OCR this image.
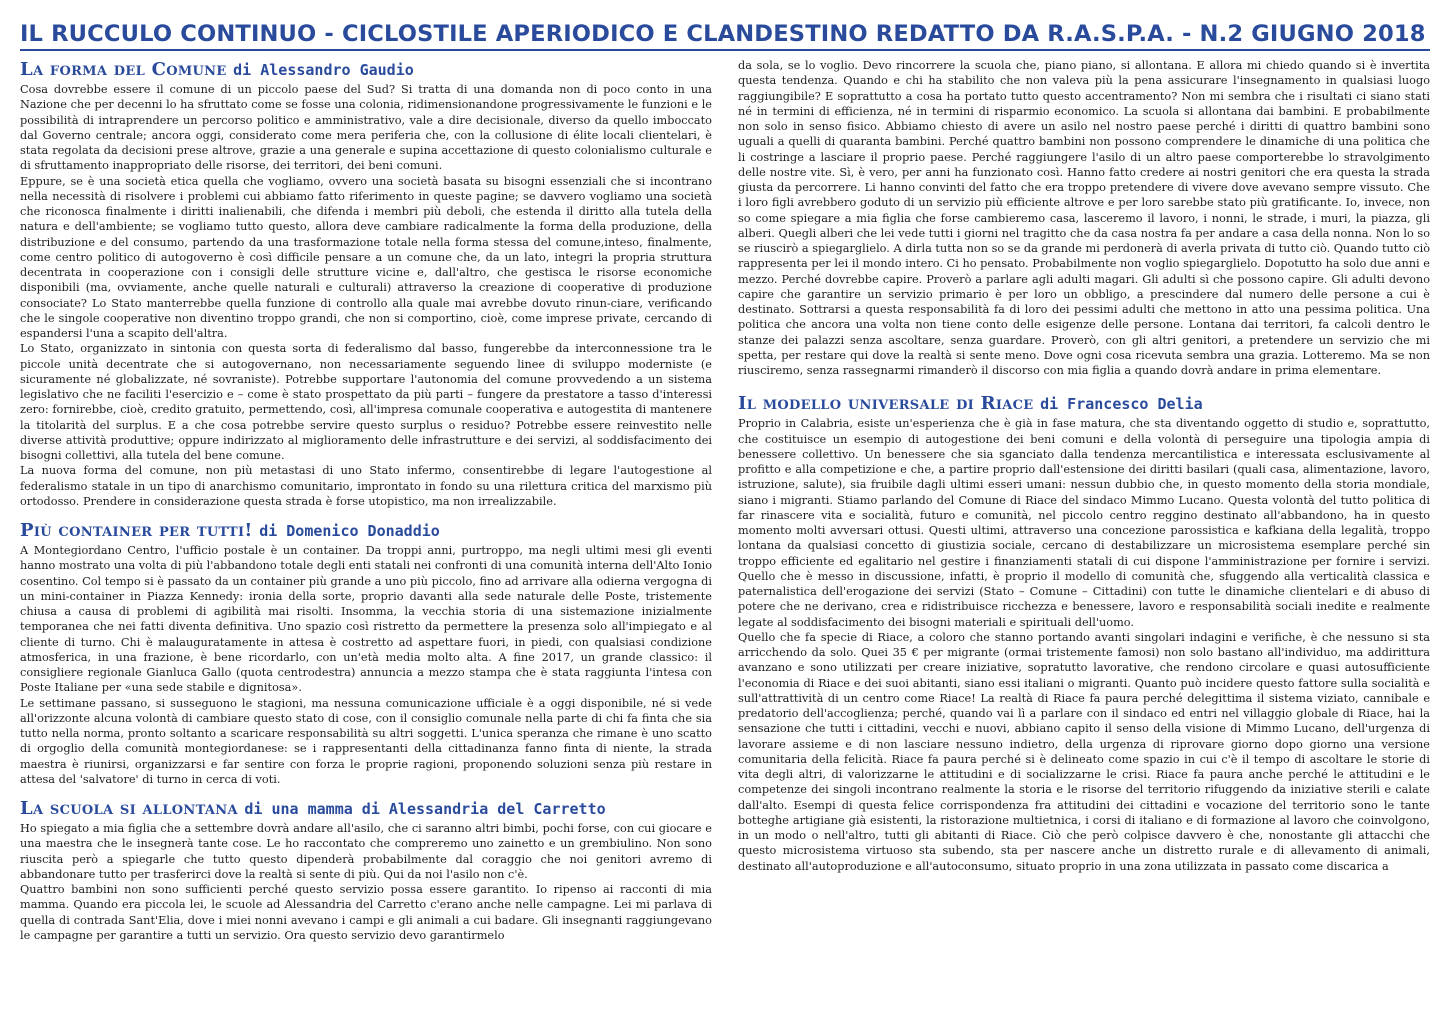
IL RUCCULO CONTINUO - CICLOSTILE APERIODICO E CLANDESTINO REDATTO DA R.A.S.P.A. - N.2 GIUGNO 2018
La forma del Comune di Alessandro Gaudio

Cosa dovrebbe essere il comune di un piccolo paese del Sud? Si tratta di una domanda non di poco conto in una Nazione che per decenni lo ha sfruttato come se fosse una colonia, ridimensionandone progressivamente le funzioni e le possibilità di intraprendere un percorso politico e amministrativo, vale a dire decisionale, diverso da quello imboccato dal Governo centrale; ancora oggi, considerato come mera periferia che, con la collusione di élite locali clientelari, è stata regolata da decisioni prese altrove, grazie a una generale e supina accettazione di questo colonialismo culturale e di sfruttamento inappropriato delle risorse, dei territori, dei beni comuni.

Eppure, se è una società etica quella che vogliamo, ovvero una società basata su bisogni essenziali che si incontrano nella necessità di risolvere i problemi cui abbiamo fatto riferimento in queste pagine; se davvero vogliamo una società che riconosca finalmente i diritti inalienabili, che difenda i membri più deboli, che estenda il diritto alla tutela della natura e dell'ambiente; se vogliamo tutto questo, allora deve cambiare radicalmente la forma della produzione, della distribuzione e del consumo, partendo da una trasformazione totale nella forma stessa del comune,inteso, finalmente, come centro politico di autogoverno è così difficile pensare a un comune che, da un lato, integri la propria struttura decentrata in cooperazione con i consigli delle strutture vicine e, dall'altro, che gestisca le risorse economiche disponibili (ma, ovviamente, anche quelle naturali e culturali) attraverso la creazione di cooperative di produzione consociate? Lo Stato manterrebbe quella funzione di controllo alla quale mai avrebbe dovuto rinun-ciare, verificando che le singole cooperative non diventino troppo grandi, che non si comportino, cioè, come imprese private, cercando di espandersi l'una a scapito dell'altra.

Lo Stato, organizzato in sintonia con questa sorta di federalismo dal basso, fungerebbe da interconnessione tra le piccole unità decentrate che si autogovernano, non necessariamente seguendo linee di sviluppo moderniste (e sicuramente né globalizzate, né sovraniste). Potrebbe supportare l'autonomia del comune provvedendo a un sistema legislativo che ne faciliti l'esercizio e – come è stato prospettato da più parti – fungere da prestatore a tasso d'interessi zero: fornirebbe, cioè, credito gratuito, permettendo, così, all'impresa comunale cooperativa e autogestita di mantenere la titolarità del surplus. E a che cosa potrebbe servire questo surplus o residuo? Potrebbe essere reinvestito nelle diverse attività produttive; oppure indirizzato al miglioramento delle infrastrutture e dei servizi, al soddisfacimento dei bisogni collettivi, alla tutela del bene comune.

La nuova forma del comune, non più metastasi di uno Stato infermo, consentirebbe di legare l'autogestione al federalismo statale in un tipo di anarchismo comunitario, improntato in fondo su una rilettura critica del marxismo più ortodosso. Prendere in considerazione questa strada è forse utopistico, ma non irrealizzabile.

Più container per tutti! di Domenico Donaddio

A Montegiordano Centro, l'ufficio postale è un container. Da troppi anni, purtroppo, ma negli ultimi mesi gli eventi hanno mostrato una volta di più l'abbandono totale degli enti statali nei confronti di una comunità interna dell'Alto Ionio cosentino. Col tempo si è passato da un container più grande a uno più piccolo, fino ad arrivare alla odierna vergogna di un mini-container in Piazza Kennedy: ironia della sorte, proprio davanti alla sede naturale delle Poste, tristemente chiusa a causa di problemi di agibilità mai risolti. Insomma, la vecchia storia di una sistemazione inizialmente temporanea che nei fatti diventa definitiva. Uno spazio così ristretto da permettere la presenza solo all'impiegato e al cliente di turno. Chi è malauguratamente in attesa è costretto ad aspettare fuori, in piedi, con qualsiasi condizione atmosferica, in una frazione, è bene ricordarlo, con un'età media molto alta. A fine 2017, un grande classico: il consigliere regionale Gianluca Gallo (quota centrodestra) annuncia a mezzo stampa che è stata raggiunta l'intesa con Poste Italiane per «una sede stabile e dignitosa».

Le settimane passano, si susseguono le stagioni, ma nessuna comunicazione ufficiale è a oggi disponibile, né si vede all'orizzonte alcuna volontà di cambiare questo stato di cose, con il consiglio comunale nella parte di chi fa finta che sia tutto nella norma, pronto soltanto a scaricare responsabilità su altri soggetti. L'unica speranza che rimane è uno scatto di orgoglio della comunità montegiordanese: se i rappresentanti della cittadinanza fanno finta di niente, la strada maestra è riunirsi, organizzarsi e far sentire con forza le proprie ragioni, proponendo soluzioni senza più restare in attesa del 'salvatore' di turno in cerca di voti.

La scuola si allontana di una mamma di Alessandria del Carretto

Ho spiegato a mia figlia che a settembre dovrà andare all'asilo, che ci saranno altri bimbi, pochi forse, con cui giocare e una maestra che le insegnerà tante cose. Le ho raccontato che compreremo uno zainetto e un grembiulino. Non sono riuscita però a spiegarle che tutto questo dipenderà probabilmente dal coraggio che noi genitori avremo di abbandonare tutto per trasferirci dove la realtà si sente di più. Qui da noi l'asilo non c'è.

Quattro bambini non sono sufficienti perché questo servizio possa essere garantito. Io ripenso ai racconti di mia mamma. Quando era piccola lei, le scuole ad Alessandria del Carretto c'erano anche nelle campagne. Lei mi parlava di quella di contrada Sant'Elia, dove i miei nonni avevano i campi e gli animali a cui badare. Gli insegnanti raggiungevano le campagne per garantire a tutti un servizio. Ora questo servizio devo garantirmelo

da sola, se lo voglio. Devo rincorrere la scuola che, piano piano, si allontana. E allora mi chiedo quando si è invertita questa tendenza. Quando e chi ha stabilito che non valeva più la pena assicurare l'insegnamento in qualsiasi luogo raggiungibile? E soprattutto a cosa ha portato tutto questo accentramento? Non mi sembra che i risultati ci siano stati né in termini di efficienza, né in termini di risparmio economico. La scuola si allontana dai bambini. E probabilmente non solo in senso fisico. Abbiamo chiesto di avere un asilo nel nostro paese perché i diritti di quattro bambini sono uguali a quelli di quaranta bambini. Perché quattro bambini non possono comprendere le dinamiche di una politica che li costringe a lasciare il proprio paese. Perché raggiungere l'asilo di un altro paese comporterebbe lo stravolgimento delle nostre vite. Sì, è vero, per anni ha funzionato così. Hanno fatto credere ai nostri genitori che era questa la strada giusta da percorrere. Li hanno convinti del fatto che era troppo pretendere di vivere dove avevano sempre vissuto. Che i loro figli avrebbero goduto di un servizio più efficiente altrove e per loro sarebbe stato più gratificante. Io, invece, non so come spiegare a mia figlia che forse cambieremo casa, lasceremo il lavoro, i nonni, le strade, i muri, la piazza, gli alberi. Quegli alberi che lei vede tutti i giorni nel tragitto che da casa nostra fa per andare a casa della nonna. Non lo so se riuscirò a spiegarglielo. A dirla tutta non so se da grande mi perdonerà di averla privata di tutto ciò. Quando tutto ciò rappresenta per lei il mondo intero. Ci ho pensato. Probabilmente non voglio spiegarglielo. Dopotutto ha solo due anni e mezzo. Perché dovrebbe capire. Proverò a parlare agli adulti magari. Gli adulti sì che possono capire. Gli adulti devono capire che garantire un servizio primario è per loro un obbligo, a prescindere dal numero delle persone a cui è destinato. Sottrarsi a questa responsabilità fa di loro dei pessimi adulti che mettono in atto una pessima politica. Una politica che ancora una volta non tiene conto delle esigenze delle persone. Lontana dai territori, fa calcoli dentro le stanze dei palazzi senza ascoltare, senza guardare. Proverò, con gli altri genitori, a pretendere un servizio che mi spetta, per restare qui dove la realtà si sente meno. Dove ogni cosa ricevuta sembra una grazia. Lotteremo. Ma se non riusciremo, senza rassegnarmi rimanderò il discorso con mia figlia a quando dovrà andare in prima elementare.

Il modello universale di Riace di Francesco Delia

Proprio in Calabria, esiste un'esperienza che è già in fase matura, che sta diventando oggetto di studio e, soprattutto, che costituisce un esempio di autogestione dei beni comuni e della volontà di perseguire una tipologia ampia di benessere collettivo. Un benessere che sia sganciato dalla tendenza mercantilistica e interessata esclusivamente al profitto e alla competizione e che, a partire proprio dall'estensione dei diritti basilari (quali casa, alimentazione, lavoro, istruzione, salute), sia fruibile dagli ultimi esseri umani: nessun dubbio che, in questo momento della storia mondiale, siano i migranti. Stiamo parlando del Comune di Riace del sindaco Mimmo Lucano. Questa volontà del tutto politica di far rinascere vita e socialità, futuro e comunità, nel piccolo centro reggino destinato all'abbandono, ha in questo momento molti avversari ottusi. Questi ultimi, attraverso una concezione parossistica e kafkiana della legalità, troppo lontana da qualsiasi concetto di giustizia sociale, cercano di destabilizzare un microsistema esemplare perché sin troppo efficiente ed egalitario nel gestire i finanziamenti statali di cui dispone l'amministrazione per fornire i servizi. Quello che è messo in discussione, infatti, è proprio il modello di comunità che, sfuggendo alla verticalità classica e paternalistica dell'erogazione dei servizi (Stato – Comune – Cittadini) con tutte le dinamiche clientelari e di abuso di potere che ne derivano, crea e ridistribuisce ricchezza e benessere, lavoro e responsabilità sociali inedite e realmente legate al soddisfacimento dei bisogni materiali e spirituali dell'uomo.

Quello che fa specie di Riace, a coloro che stanno portando avanti singolari indagini e verifiche, è che nessuno si sta arricchendo da solo. Quei 35 € per migrante (ormai tristemente famosi) non solo bastano all'individuo, ma addirittura avanzano e sono utilizzati per creare iniziative, sopratutto lavorative, che rendono circolare e quasi autosufficiente l'economia di Riace e dei suoi abitanti, siano essi italiani o migranti. Quanto può incidere questo fattore sulla socialità e sull'attrattività di un centro come Riace! La realtà di Riace fa paura perché delegittima il sistema viziato, cannibale e predatorio dell'accoglienza; perché, quando vai lì a parlare con il sindaco ed entri nel villaggio globale di Riace, hai la sensazione che tutti i cittadini, vecchi e nuovi, abbiano capito il senso della visione di Mimmo Lucano, dell'urgenza di lavorare assieme e di non lasciare nessuno indietro, della urgenza di riprovare giorno dopo giorno una versione comunitaria della felicità. Riace fa paura perché si è delineato come spazio in cui c'è il tempo di ascoltare le storie di vita degli altri, di valorizzarne le attitudini e di socializzarne le crisi. Riace fa paura anche perché le attitudini e le competenze dei singoli incontrano realmente la storia e le risorse del territorio rifuggendo da iniziative sterili e calate dall'alto. Esempi di questa felice corrispondenza fra attitudini dei cittadini e vocazione del territorio sono le tante botteghe artigiane già esistenti, la ristorazione multietnica, i corsi di italiano e di formazione al lavoro che coinvolgono, in un modo o nell'altro, tutti gli abitanti di Riace. Ciò che però colpisce davvero è che, nonostante gli attacchi che questo microsistema virtuoso sta subendo, sta per nascere anche un distretto rurale e di allevamento di animali, destinato all'autoproduzione e all'autoconsumo, situato proprio in una zona utilizzata in passato come discarica a
